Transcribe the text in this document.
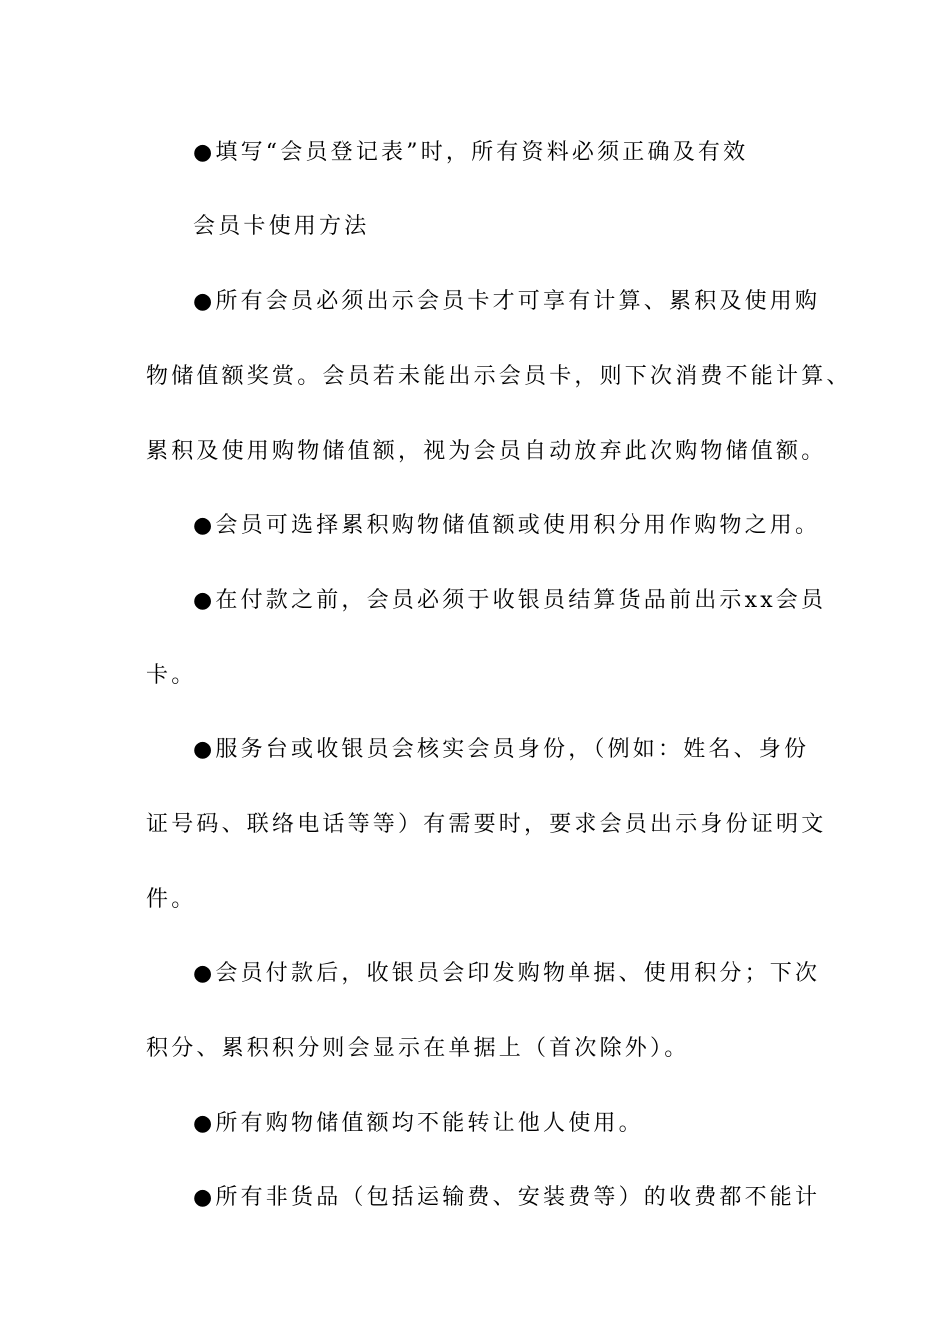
●填写“会员登记表”时，所有资料必须正确及有效
会员卡使用方法
●所有会员必须出示会员卡才可享有计算、累积及使用购
物储值额奖赏。会员若未能出示会员卡，则下次消费不能计算、
累积及使用购物储值额，视为会员自动放弃此次购物储值额。
●会员可选择累积购物储值额或使用积分用作购物之用。
●在付款之前，会员必须于收银员结算货品前出示xx会员
卡。
●服务台或收银员会核实会员身份，（例如：姓名、身份
证号码、联络电话等等）有需要时，要求会员出示身份证明文
件。
●会员付款后，收银员会印发购物单据、使用积分；下次
积分、累积积分则会显示在单据上（首次除外）。
●所有购物储值额均不能转让他人使用。
●所有非货品（包括运输费、安装费等）的收费都不能计
